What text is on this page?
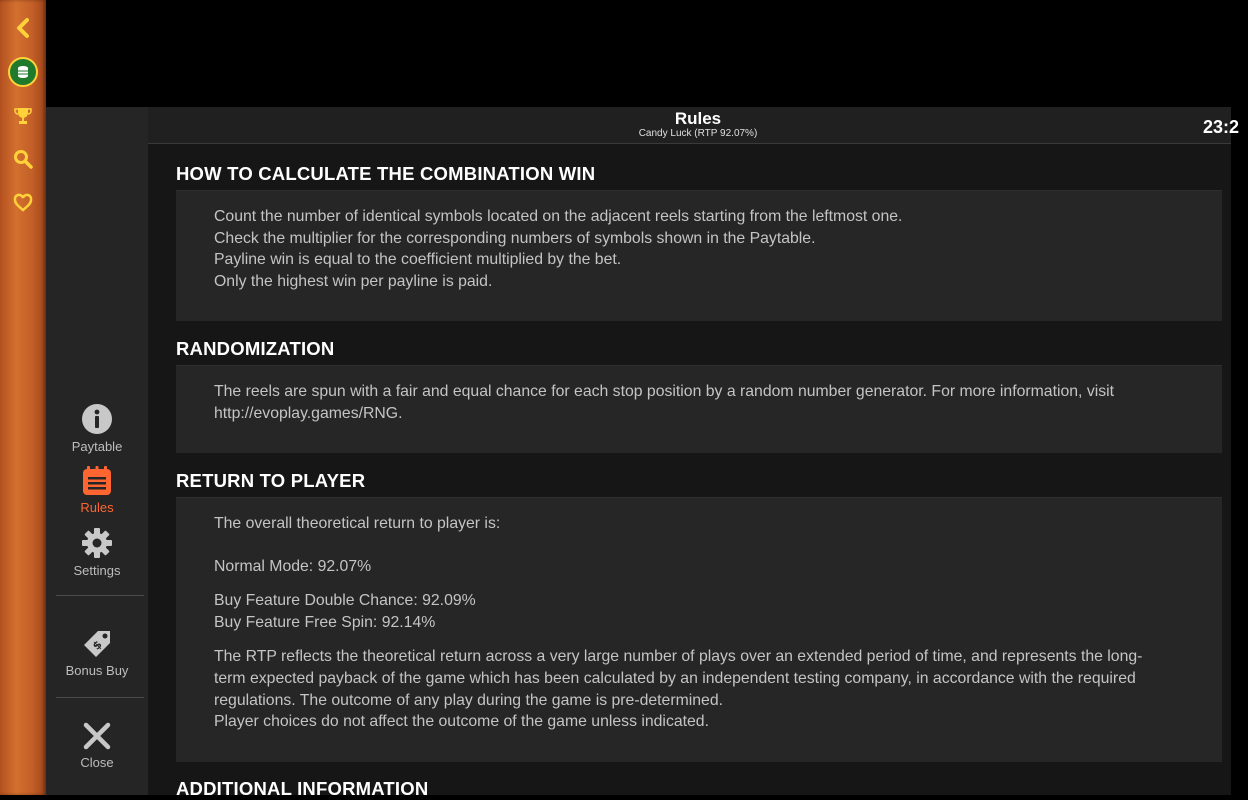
Paytable
Rules
Settings
$
Bonus Buy
Close
Rules
Candy Luck (RTP 92.07%)	23:2
HOW TO CALCULATE THE COMBINATION WIN

Count the number of identical symbols located on the adjacent reels starting from the leftmost one.

Check the multiplier for the corresponding numbers of symbols shown in the Paytable.

Payline win is equal to the coefficient multiplied by the bet.

Only the highest win per payline is paid.

RANDOMIZATION

The reels are spun with a fair and equal chance for each stop position by a random number generator. For more information, visit http://evoplay.games/RNG.

RETURN TO PLAYER

The overall theoretical return to player is:

Normal Mode: 92.07%

Buy Feature Double Chance: 92.09%

Buy Feature Free Spin: 92.14%

The RTP reflects the theoretical return across a very large number of plays over an extended period of time, and represents the long-term expected payback of the game which has been calculated by an independent testing company, in accordance with the required regulations. The outcome of any play during the game is pre-determined.

Player choices do not affect the outcome of the game unless indicated.

ADDITIONAL INFORMATION
